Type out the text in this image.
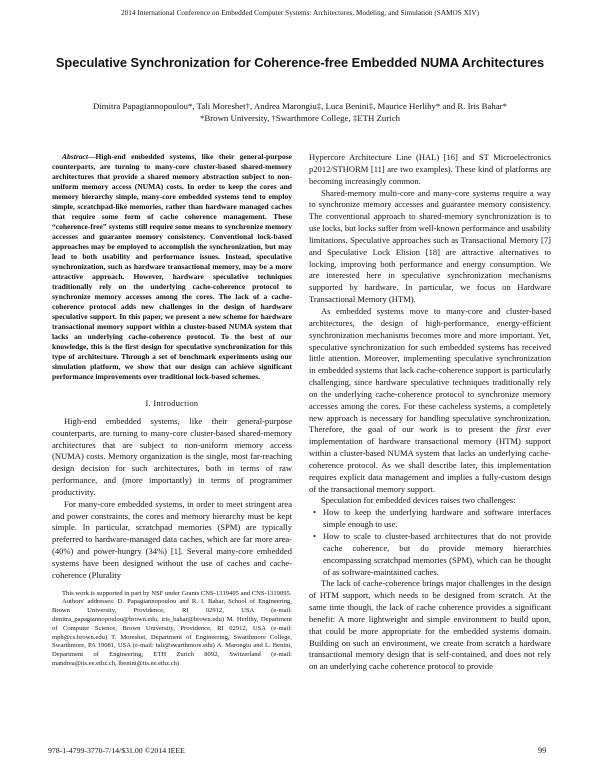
2014 International Conference on Embedded Computer Systems: Architectures, Modeling, and Simulation (SAMOS XIV)
Speculative Synchronization for Coherence-free Embedded NUMA Architectures
Dimitra Papagiannopoulou*, Tali Moreshet†, Andrea Marongiu‡, Luca Benini‡, Maurice Herlihy* and R. Iris Bahar*
*Brown University, †Swarthmore College, ‡ETH Zurich

Abstract—High-end embedded systems, like their general-purpose counterparts, are turning to many-core cluster-based shared-memory architectures that provide a shared memory abstraction subject to non-uniform memory access (NUMA) costs. In order to keep the cores and memory hierarchy simple, many-core embedded systems tend to employ simple, scratchpad-like memories, rather than hardware managed caches that require some form of cache coherence management. These “coherence-free” systems still require some means to synchronize memory accesses and guarantee memory consistency. Conventional lock-based approaches may be employed to accomplish the synchronization, but may lead to both usability and performance issues. Instead, speculative synchronization, such as hardware transactional memory, may be a more attractive approach. However, hardware speculative techniques traditionally rely on the underlying cache-coherence protocol to synchronize memory accesses among the cores. The lack of a cache-coherence protocol adds new challenges in the design of hardware speculative support. In this paper, we present a new scheme for hardware transactional memory support within a cluster-based NUMA system that lacks an underlying cache-coherence protocol. To the best of our knowledge, this is the first design for speculative synchronization for this type of architecture. Through a set of benchmark experiments using our simulation platform, we show that our design can achieve significant performance improvements over traditional lock-based schemes.

I. Introduction

High-end embedded systems, like their general-purpose counterparts, are turning to many-core cluster-based shared-memory architectures that are subject to non-uniform memory access (NUMA) costs. Memory organization is the single, most far-reaching design decision for such architectures, both in terms of raw performance, and (more importantly) in terms of programmer productivity.

For many-core embedded systems, in order to meet stringent area and power constraints, the cores and memory hierarchy must be kept simple. In particular, scratchpad memories (SPM) are typically preferred to hardware-managed data caches, which are far more area- (40%) and power-hungry (34%) [1]. Several many-core embedded systems have been designed without the use of caches and cache-coherence (Plurality

This work is supported in part by NSF under Grants CNS-1319495 and CNS-1319095.

Authors' addresses: D. Papagiannopoulou and R. I. Bahar, School of Engineering, Brown University, Providence, RI 02912, USA (e-mail: dimitra_papagiannopoulou@brown.edu, iris_bahar@brown.edu) M. Herlihy, Department of Computer Science, Brown University, Providence, RI 02912, USA (e-mail: mph@cs.brown.edu) T. Moreshet, Department of Engineering, Swarthmore College, Swarthmore, PA 19081, USA (e-mail: tali@swarthmore.edu) A. Marongiu and L. Benini, Department of Engineering, ETH Zurich 8092, Switzerland (e-mail: mandrea@iis.ee.ethz.ch, lbenini@iis.ee.ethz.ch)

Hypercore Architecture Line (HAL) [16] and ST Microelectronics p2012/STHORM [11] are two examples). These kind of platforms are becoming increasingly common.

Shared-memory multi-core and many-core systems require a way to synchronize memory accesses and guarantee memory consistency. The conventional approach to shared-memory synchronization is to use locks, but locks suffer from well-known performance and usability limitations. Speculative approaches such as Transactional Memory [7] and Speculative Lock Elision [18] are attractive alternatives to locking, improving both performance and energy consumption. We are interested here in speculative synchronization mechanisms supported by hardware. In particular, we focus on Hardware Transactional Memory (HTM).

As embedded systems move to many-core and cluster-based architectures, the design of high-performance, energy-efficient synchronization mechanisms becomes more and more important. Yet, speculative synchronization for such embedded systems has received little attention. Moreover, implementing speculative synchronization in embedded systems that lack cache-coherence support is particularly challenging, since hardware speculative techniques traditionally rely on the underlying cache-coherence protocol to synchronize memory accesses among the cores. For these cacheless systems, a completely new approach is necessary for handling speculative synchronization. Therefore, the goal of our work is to present the first ever implementation of hardware transactional memory (HTM) support within a cluster-based NUMA system that lacks an underlying cache-coherence protocol. As we shall describe later, this implementation requires explicit data management and implies a fully-custom design of the transactional memory support.

Speculation for embedded devices raises two challenges:

• How to keep the underlying hardware and software interfaces simple enough to use.
• How to scale to cluster-based architectures that do not provide cache coherence, but do provide memory hierarchies encompassing scratchpad memories (SPM), which can be thought of as software-maintained caches.

The lack of cache-coherence brings major challenges in the design of HTM support, which needs to be designed from scratch. At the same time though, the lack of cache coherence provides a significant benefit: A more lightweight and simple environment to build upon, that could be more appropriate for the embedded systems domain. Building on such an environment, we create from scratch a hardware transactional memory design that is self-contained, and does not rely on an underlying cache coherence protocol to provide

978-1-4799-3770-7/14/$31.00 ©2014 IEEE	99
